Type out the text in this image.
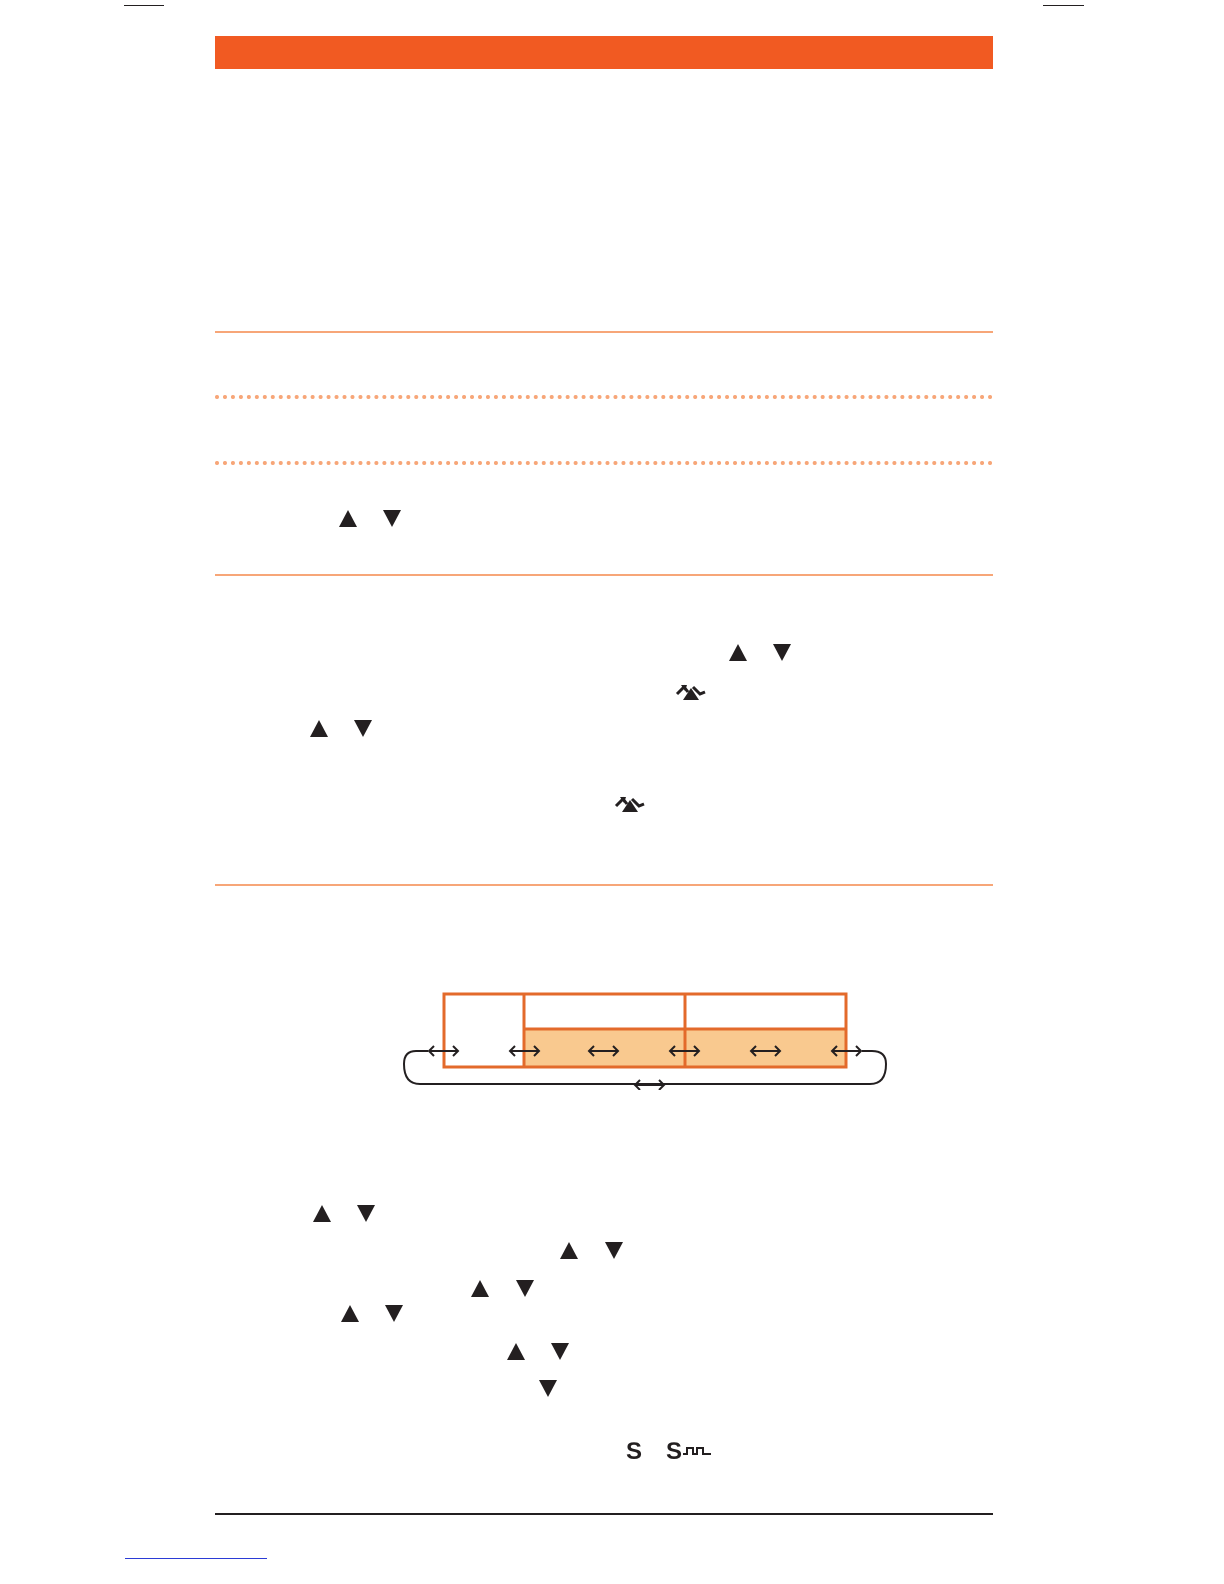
S S
